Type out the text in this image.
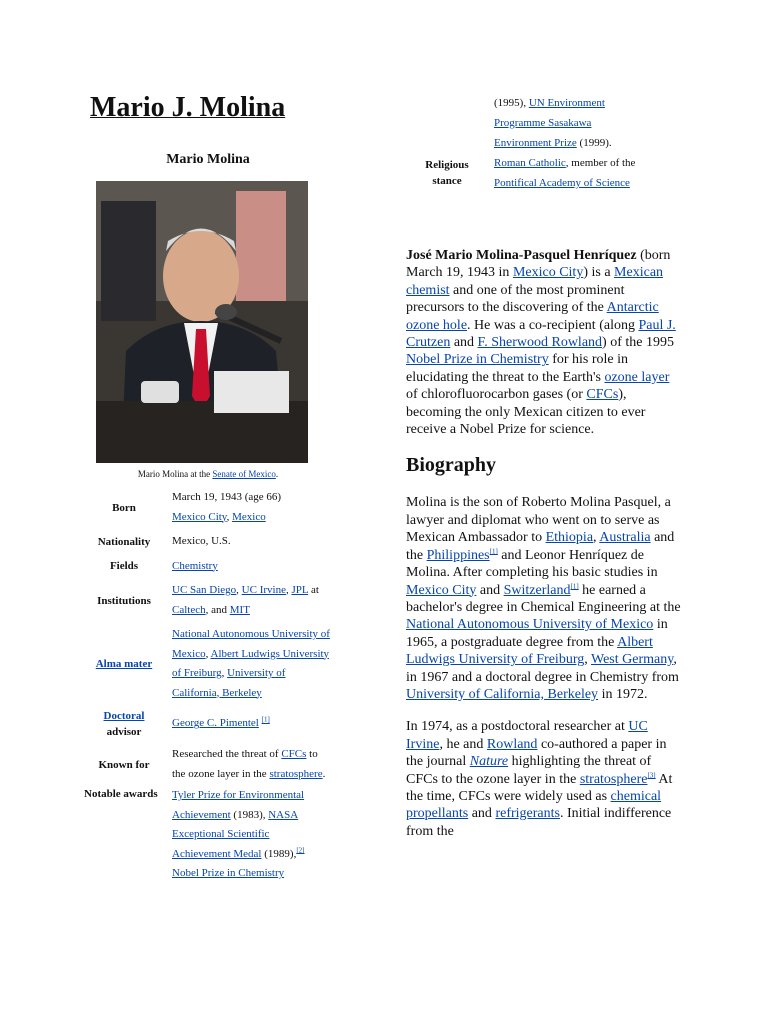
Mario J. Molina
Mario Molina
Mario Molina at the Senate of Mexico.
Born	March 19, 1943 (age 66)
Mexico City, Mexico
Nationality	Mexico, U.S.
Fields	Chemistry
Institutions	UC San Diego, UC Irvine, JPL at Caltech, and MIT
Alma mater	National Autonomous University of Mexico, Albert Ludwigs University of Freiburg, University of California, Berkeley
Doctoral
advisor	George C. Pimentel [1]
Known for	Researched the threat of CFCs to the ozone layer in the stratosphere.
Notable awards	Tyler Prize for Environmental Achievement (1983), NASA Exceptional Scientific Achievement Medal (1989),[2] Nobel Prize in Chemistry
	(1995), UN Environment Programme Sasakawa Environment Prize (1999).
Religious stance	Roman Catholic, member of the Pontifical Academy of Science

José Mario Molina-Pasquel Henríquez (born March 19, 1943 in Mexico City) is a Mexican chemist and one of the most prominent precursors to the discovering of the Antarctic ozone hole. He was a co-recipient (along Paul J. Crutzen and F. Sherwood Rowland) of the 1995 Nobel Prize in Chemistry for his role in elucidating the threat to the Earth's ozone layer of chlorofluorocarbon gases (or CFCs), becoming the only Mexican citizen to ever receive a Nobel Prize for science.

Biography

Molina is the son of Roberto Molina Pasquel, a lawyer and diplomat who went on to serve as Mexican Ambassador to Ethiopia, Australia and the Philippines[1] and Leonor Henríquez de Molina. After completing his basic studies in Mexico City and Switzerland[1] he earned a bachelor's degree in Chemical Engineering at the National Autonomous University of Mexico in 1965, a postgraduate degree from the Albert Ludwigs University of Freiburg, West Germany, in 1967 and a doctoral degree in Chemistry from University of California, Berkeley in 1972.

In 1974, as a postdoctoral researcher at UC Irvine, he and Rowland co-authored a paper in the journal Nature highlighting the threat of CFCs to the ozone layer in the stratosphere[3] At the time, CFCs were widely used as chemical propellants and refrigerants. Initial indifference from the
